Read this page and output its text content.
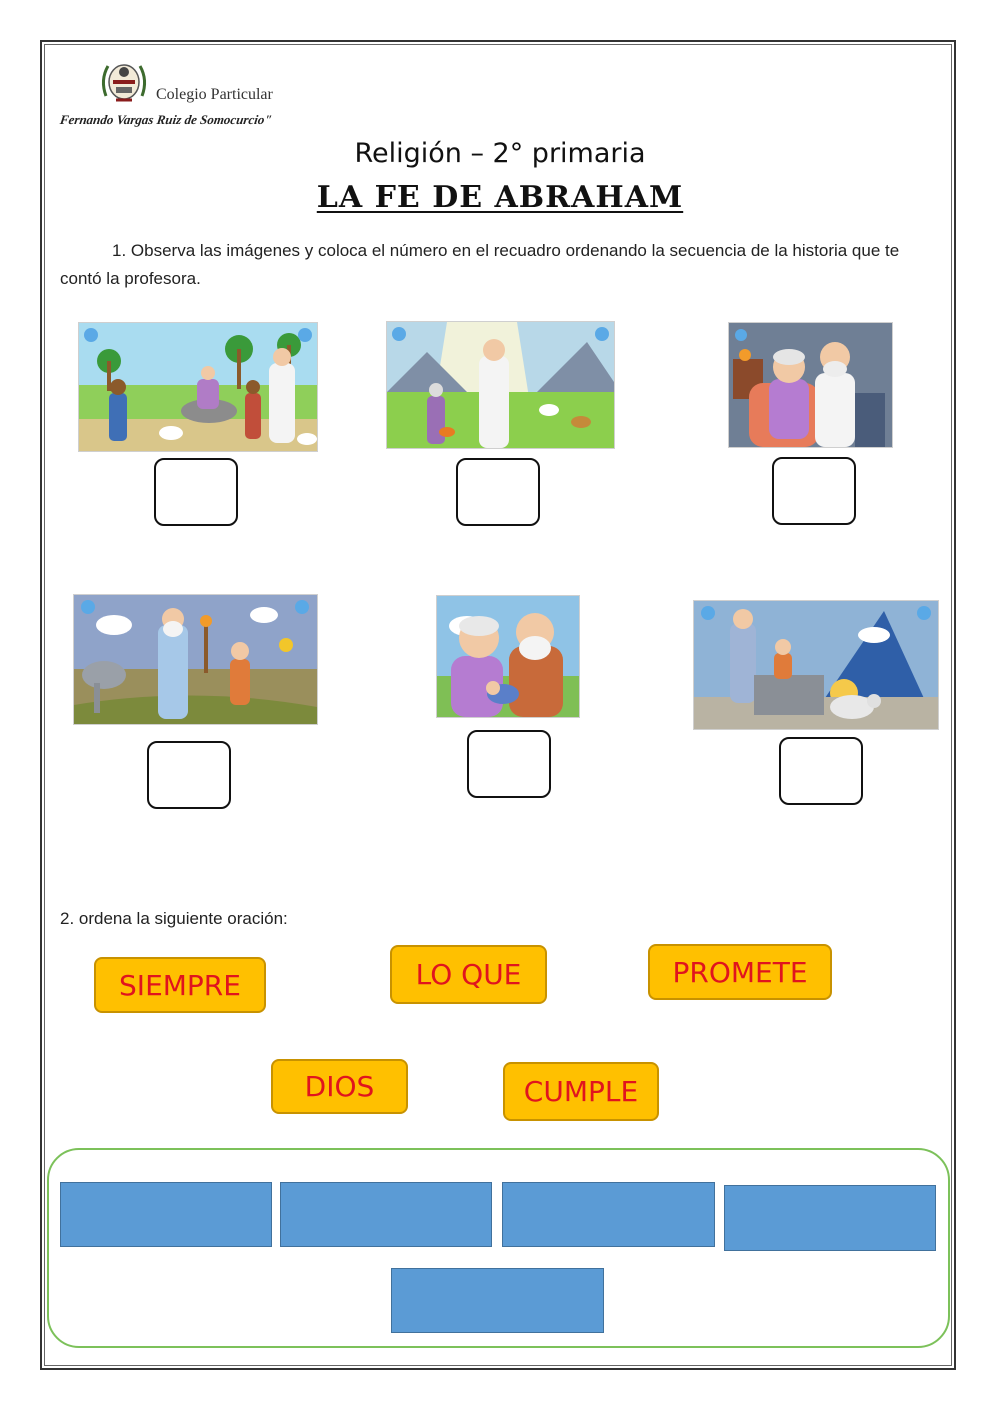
Colegio Particular
Fernando Vargas Ruiz de Somocurcio"
Religión – 2° primaria
LA FE DE ABRAHAM
1. Observa las imágenes y coloca el número en el recuadro ordenando la secuencia de la historia que te contó la profesora.
2. ordena la siguiente oración:
SIEMPRE	LO QUE	PROMETE
DIOS	CUMPLE
